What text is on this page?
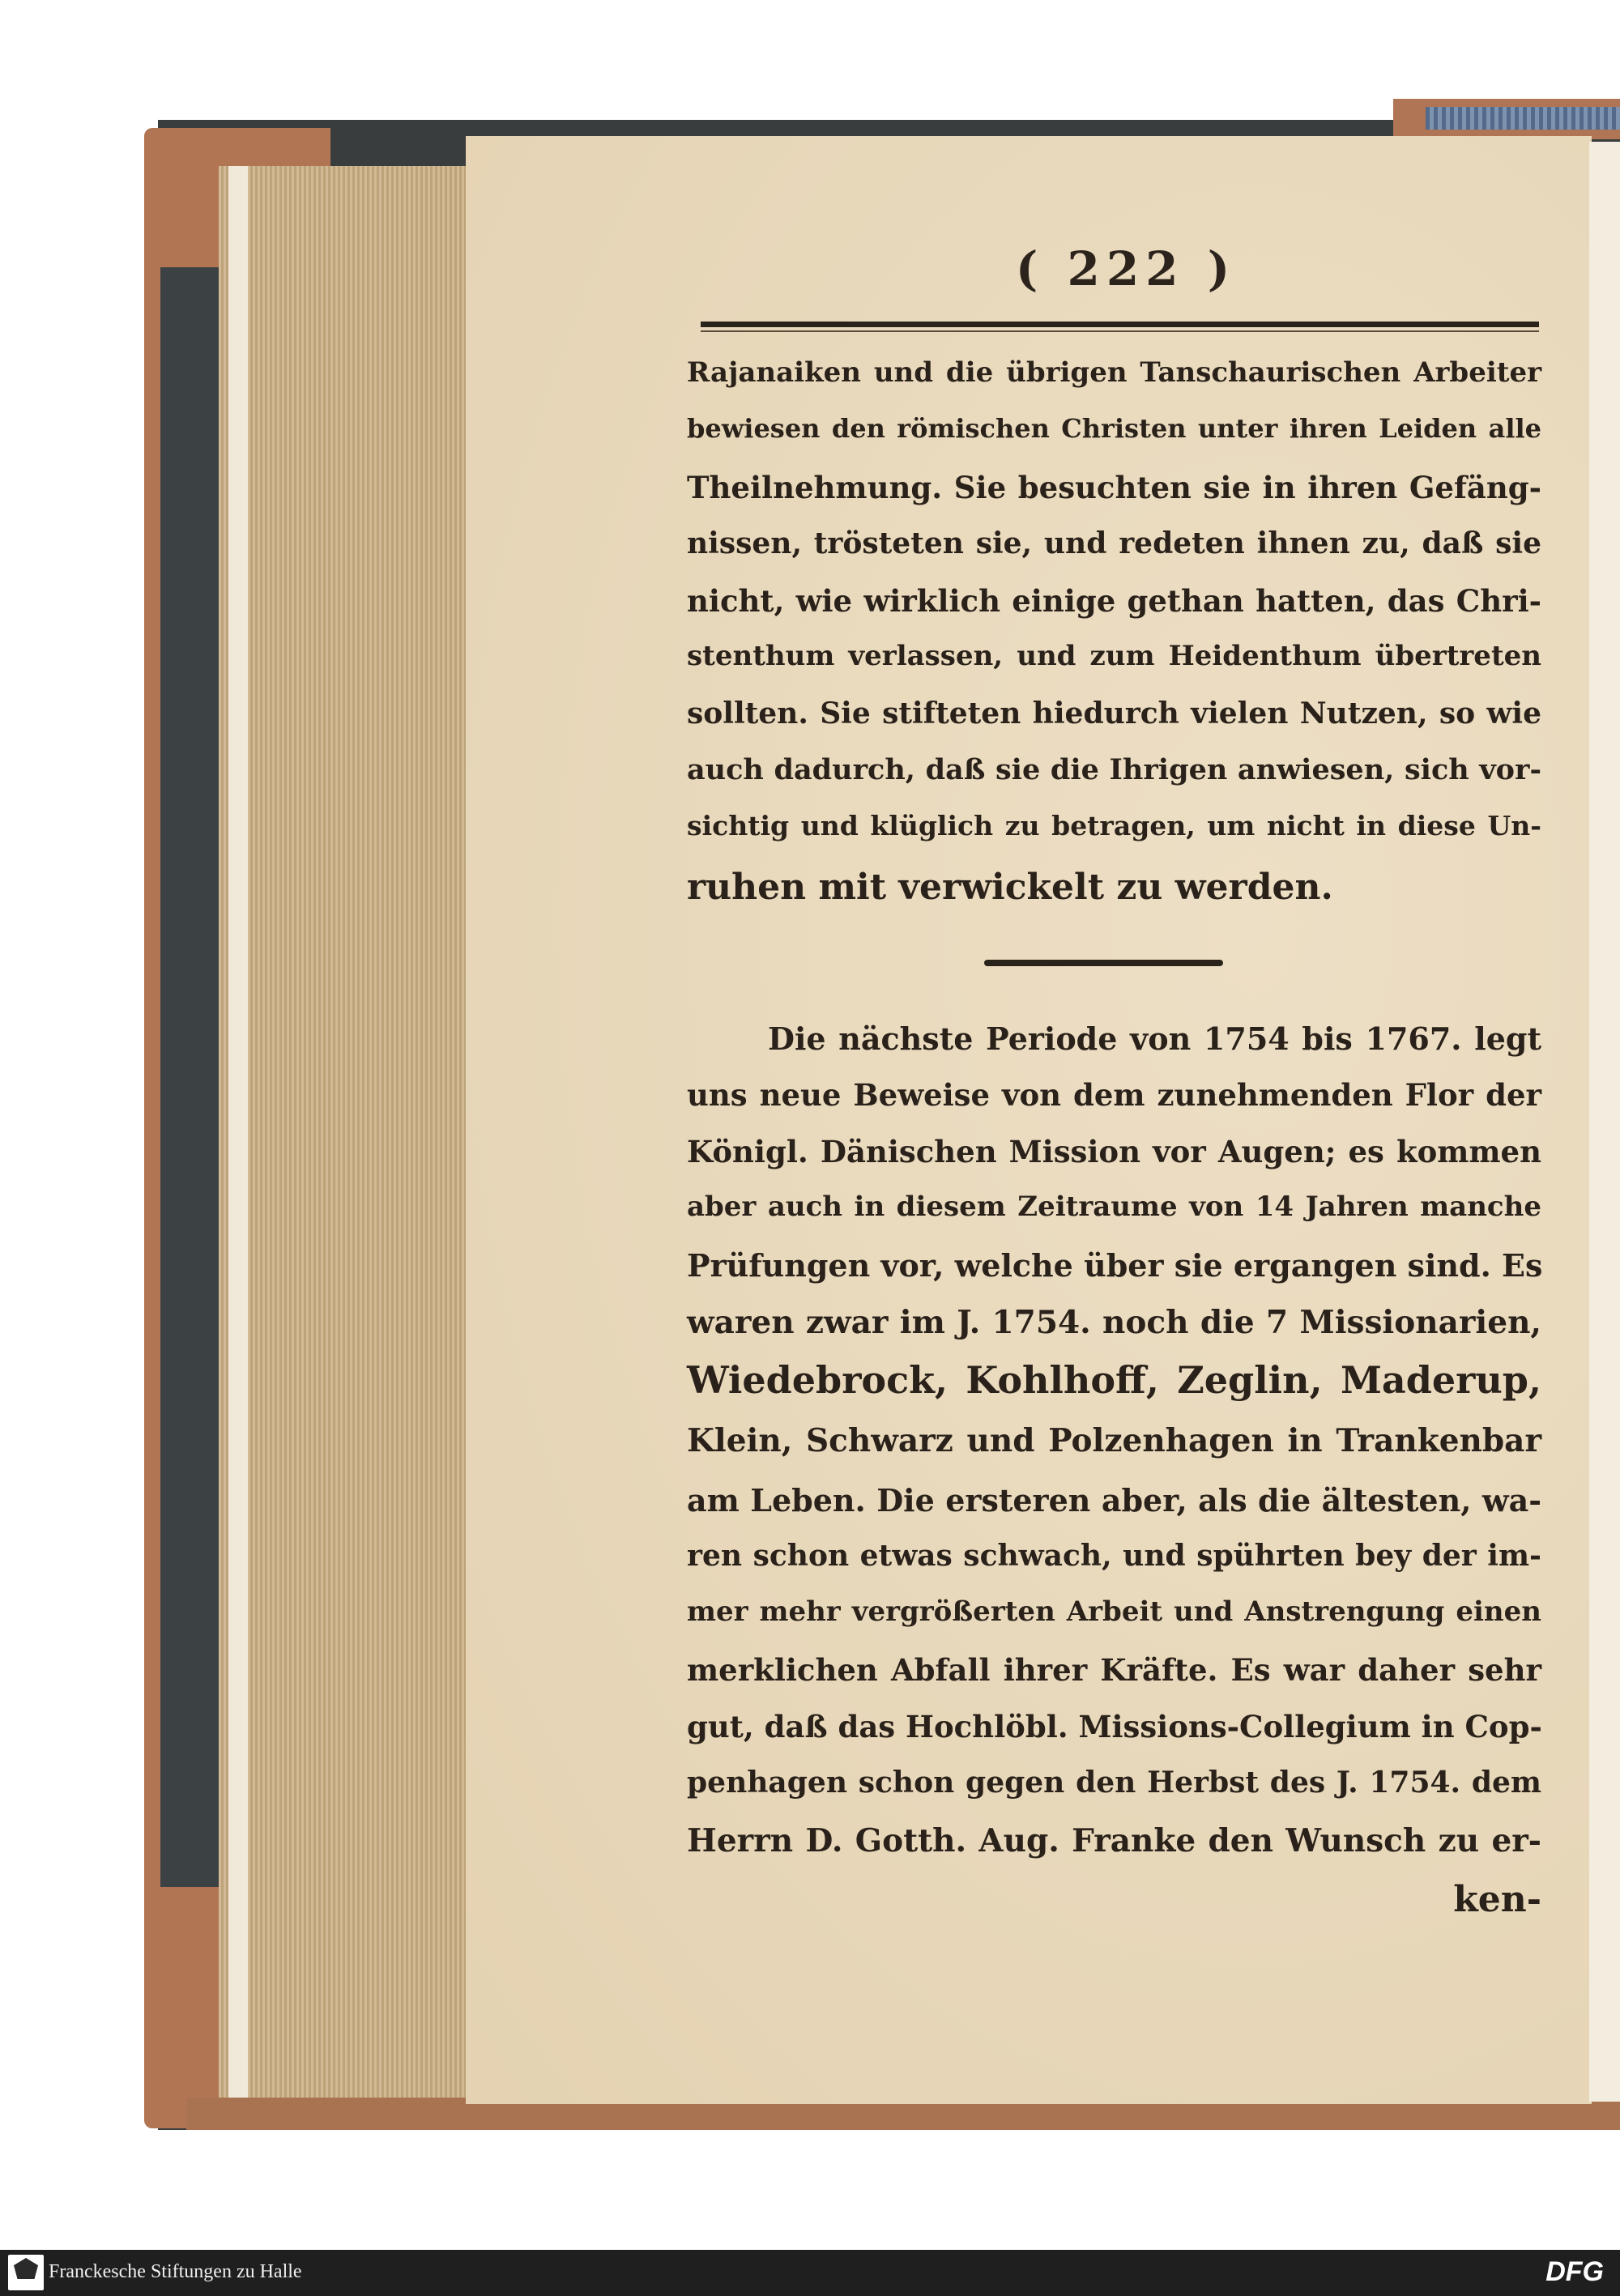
( 222 )
Rajanaiken und die übrigen Tanschaurischen Arbeiter
bewiesen den römischen Christen unter ihren Leiden alle
Theilnehmung. Sie besuchten sie in ihren Gefäng-
nissen, trösteten sie, und redeten ihnen zu, daß sie
nicht, wie wirklich einige gethan hatten, das Chri-
stenthum verlassen, und zum Heidenthum übertreten
sollten. Sie stifteten hiedurch vielen Nutzen, so wie
auch dadurch, daß sie die Ihrigen anwiesen, sich vor-
sichtig und klüglich zu betragen, um nicht in diese Un-
ruhen mit verwickelt zu werden.
Die nächste Periode von 1754 bis 1767. legt
uns neue Beweise von dem zunehmenden Flor der
Königl. Dänischen Mission vor Augen; es kommen
aber auch in diesem Zeitraume von 14 Jahren manche
Prüfungen vor, welche über sie ergangen sind. Es
waren zwar im J. 1754. noch die 7 Missionarien,
Wiedebrock, Kohlhoff, Zeglin, Maderup,
Klein, Schwarz und Polzenhagen in Trankenbar
am Leben. Die ersteren aber, als die ältesten, wa-
ren schon etwas schwach, und spührten bey der im-
mer mehr vergrößerten Arbeit und Anstrengung einen
merklichen Abfall ihrer Kräfte. Es war daher sehr
gut, daß das Hochlöbl. Missions-Collegium in Cop-
penhagen schon gegen den Herbst des J. 1754. dem
Herrn D. Gotth. Aug. Franke den Wunsch zu er-
ken-
Franckesche Stiftungen zu Halle	DFG
